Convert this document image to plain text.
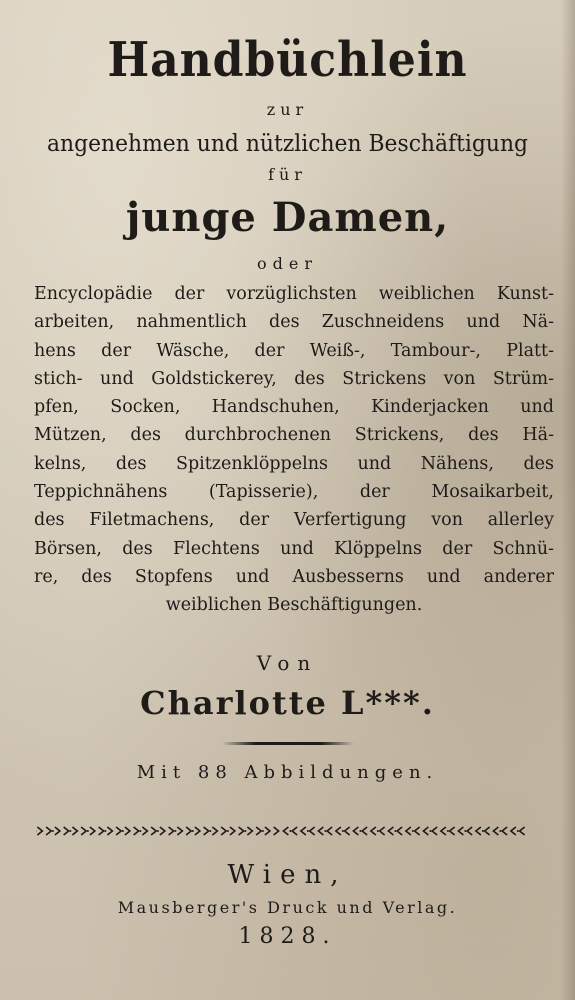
Handbüchlein
zur
angenehmen und nützlichen Beschäftigung
für
junge Damen,
oder
Encyclopädie der vorzüglichsten weiblichen Kunst-
arbeiten, nahmentlich des Zuschneidens und Nä-
hens der Wäsche, der Weiß-, Tambour-, Platt-
stich- und Goldstickerey, des Strickens von Strüm-
pfen, Socken, Handschuhen, Kinderjacken und
Mützen, des durchbrochenen Strickens, des Hä-
kelns, des Spitzenklöppelns und Nähens, des
Teppichnähens (Tapisserie), der Mosaikarbeit,
des Filetmachens, der Verfertigung von allerley
Börsen, des Flechtens und Klöppelns der Schnü-
re, des Stopfens und Ausbesserns und anderer
weiblichen Beschäftigungen.
Von
Charlotte L***.
Mit 88 Abbildungen.
Wien,
Mausberger's Druck und Verlag.
1828.
